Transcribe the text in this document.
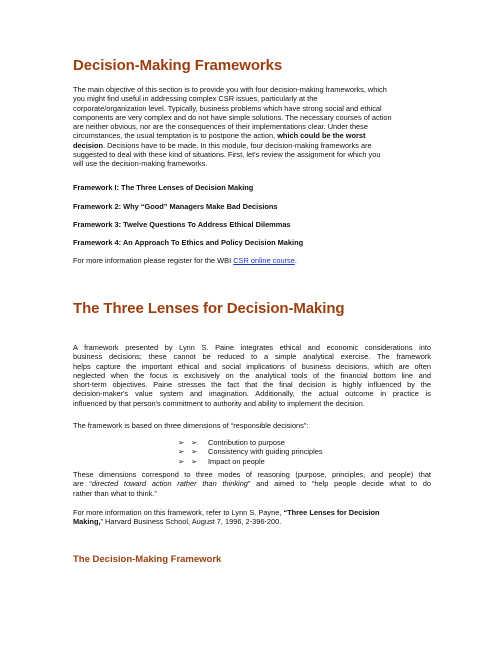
Decision-Making Frameworks
The main objective of this section is to provide you with four decision-making frameworks, which
you might find useful in addressing complex CSR issues, particularly at the
corporate/organization level. Typically, business problems which have strong social and ethical
components are very complex and do not have simple solutions. The necessary courses of action
are neither obvious, nor are the consequences of their implementations clear. Under these
circumstances, the usual temptation is to postpone the action, which could be the worst
decision. Decisions have to be made. In this module, four decision-making frameworks are
suggested to deal with these kind of situations. First, let's review the assignment for which you
will use the decision-making frameworks.
Framework I: The Three Lenses of Decision Making
Framework 2: Why “Good” Managers Make Bad Decisions
Framework 3: Twelve Questions To Address Ethical Dilemmas
Framework 4: An Approach To Ethics and Policy Decision Making
For more information please register for the WBI CSR online course.
The Three Lenses for Decision-Making
A framework presented by Lynn S. Paine integrates ethical and economic considerations into
business decisions; these cannot be reduced to a simple analytical exercise. The framework
helps capture the important ethical and social implications of business decisions, which are often
neglected when the focus is exclusively on the analytical tools of the financial bottom line and
short-term objectives. Paine stresses the fact that the final decision is highly influenced by the
decision-maker's value system and imagination. Additionally, the actual outcome in practice is
influenced by that person's commitment to authority and ability to implement the decision.
The framework is based on three dimensions of “responsible decisions”:
➢ ➢ Contribution to purpose
➢ ➢ Consistency with guiding principles
➢ ➢ Impact on people
These dimensions correspond to three modes of reasoning (purpose, principles, and people) that
are “directed toward action rather than thinking” and aimed to “help people decide what to do
rather than what to think.”
For more information on this framework, refer to Lynn S. Payne, “Three Lenses for Decision
Making,” Harvard Business School, August 7, 1996, 2-396-200.
The Decision-Making Framework
